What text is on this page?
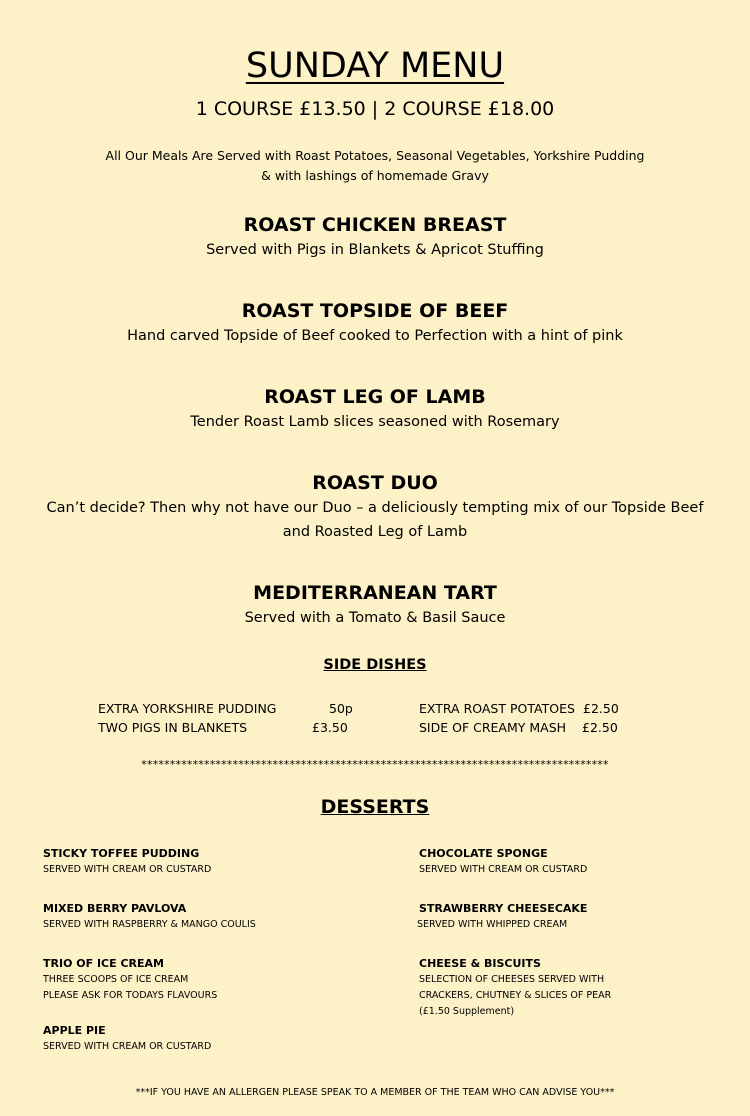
SUNDAY MENU
1 COURSE £13.50 | 2 COURSE £18.00
All Our Meals Are Served with Roast Potatoes, Seasonal Vegetables, Yorkshire Pudding
& with lashings of homemade Gravy
ROAST CHICKEN BREAST
Served with Pigs in Blankets & Apricot Stuffing
ROAST TOPSIDE OF BEEF
Hand carved Topside of Beef cooked to Perfection with a hint of pink
ROAST LEG OF LAMB
Tender Roast Lamb slices seasoned with Rosemary
ROAST DUO
Can’t decide? Then why not have our Duo – a deliciously tempting mix of our Topside Beef
and Roasted Leg of Lamb
MEDITERRANEAN TART
Served with a Tomato & Basil Sauce
SIDE DISHES
EXTRA YORKSHIRE PUDDING	50p
TWO PIGS IN BLANKETS	£3.50
EXTRA ROAST POTATOES £2.50
SIDE OF CREAMY MASH £2.50
**********************************************************************************
DESSERTS
STICKY TOFFEE PUDDING
SERVED WITH CREAM OR CUSTARD
CHOCOLATE SPONGE
SERVED WITH CREAM OR CUSTARD
MIXED BERRY PAVLOVA
SERVED WITH RASPBERRY & MANGO COULIS
STRAWBERRY CHEESECAKE
SERVED WITH WHIPPED CREAM
TRIO OF ICE CREAM
THREE SCOOPS OF ICE CREAM
PLEASE ASK FOR TODAYS FLAVOURS
CHEESE & BISCUITS
SELECTION OF CHEESES SERVED WITH
CRACKERS, CHUTNEY & SLICES OF PEAR
(£1.50 Supplement)
APPLE PIE
SERVED WITH CREAM OR CUSTARD
***IF YOU HAVE AN ALLERGEN PLEASE SPEAK TO A MEMBER OF THE TEAM WHO CAN ADVISE YOU***
